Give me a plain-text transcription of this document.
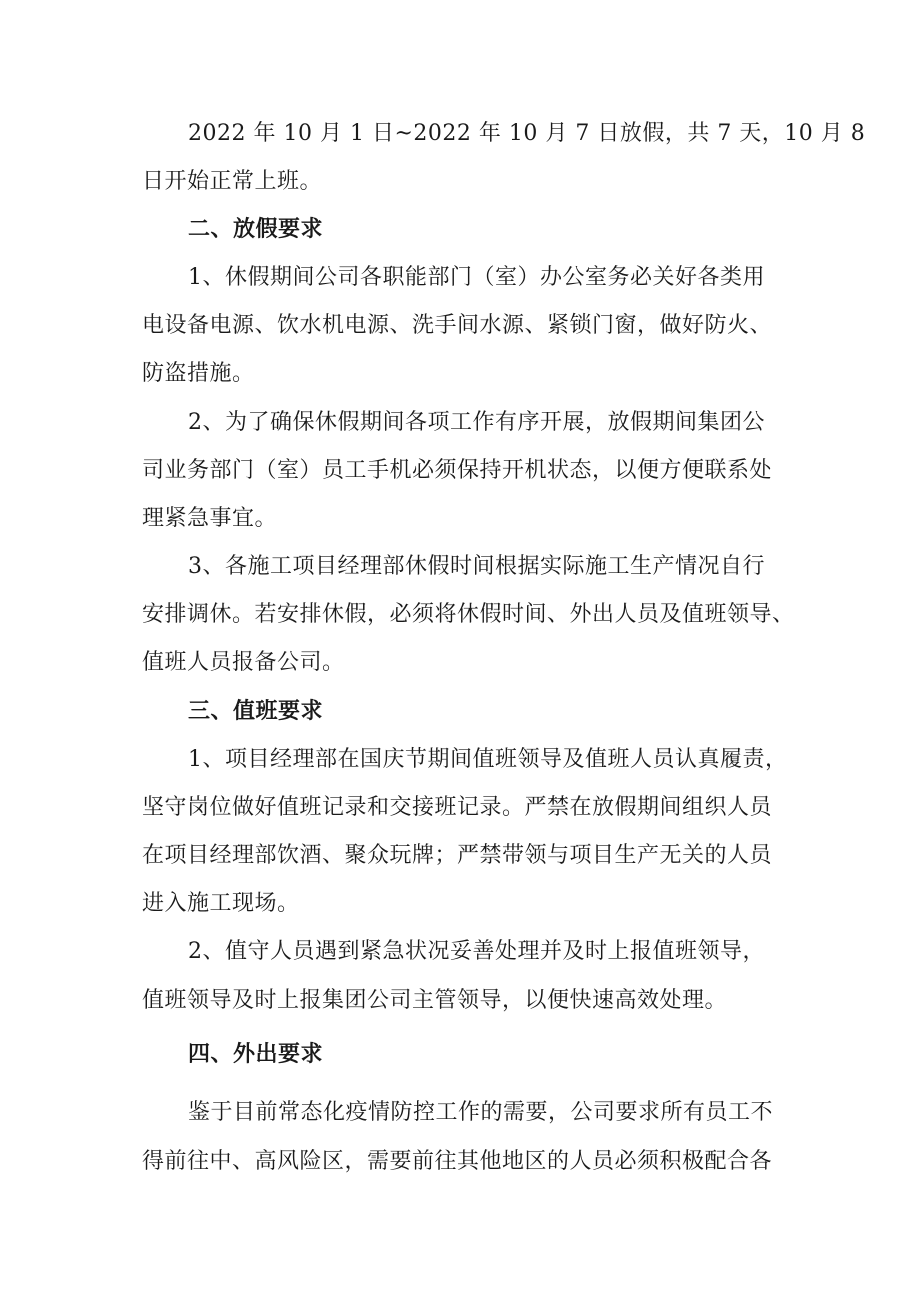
2022 年 10 月 1 日~2022 年 10 月 7 日放假，共 7 天，10 月 8
日开始正常上班。
二、放假要求
1、休假期间公司各职能部门（室）办公室务必关好各类用
电设备电源、饮水机电源、洗手间水源、紧锁门窗，做好防火、
防盗措施。
2、为了确保休假期间各项工作有序开展，放假期间集团公
司业务部门（室）员工手机必须保持开机状态，以便方便联系处
理紧急事宜。
3、各施工项目经理部休假时间根据实际施工生产情况自行
安排调休。若安排休假，必须将休假时间、外出人员及值班领导、
值班人员报备公司。
三、值班要求
1、项目经理部在国庆节期间值班领导及值班人员认真履责，
坚守岗位做好值班记录和交接班记录。严禁在放假期间组织人员
在项目经理部饮酒、聚众玩牌；严禁带领与项目生产无关的人员
进入施工现场。
2、值守人员遇到紧急状况妥善处理并及时上报值班领导，
值班领导及时上报集团公司主管领导，以便快速高效处理。
四、外出要求
鉴于目前常态化疫情防控工作的需要，公司要求所有员工不
得前往中、高风险区，需要前往其他地区的人员必须积极配合各
